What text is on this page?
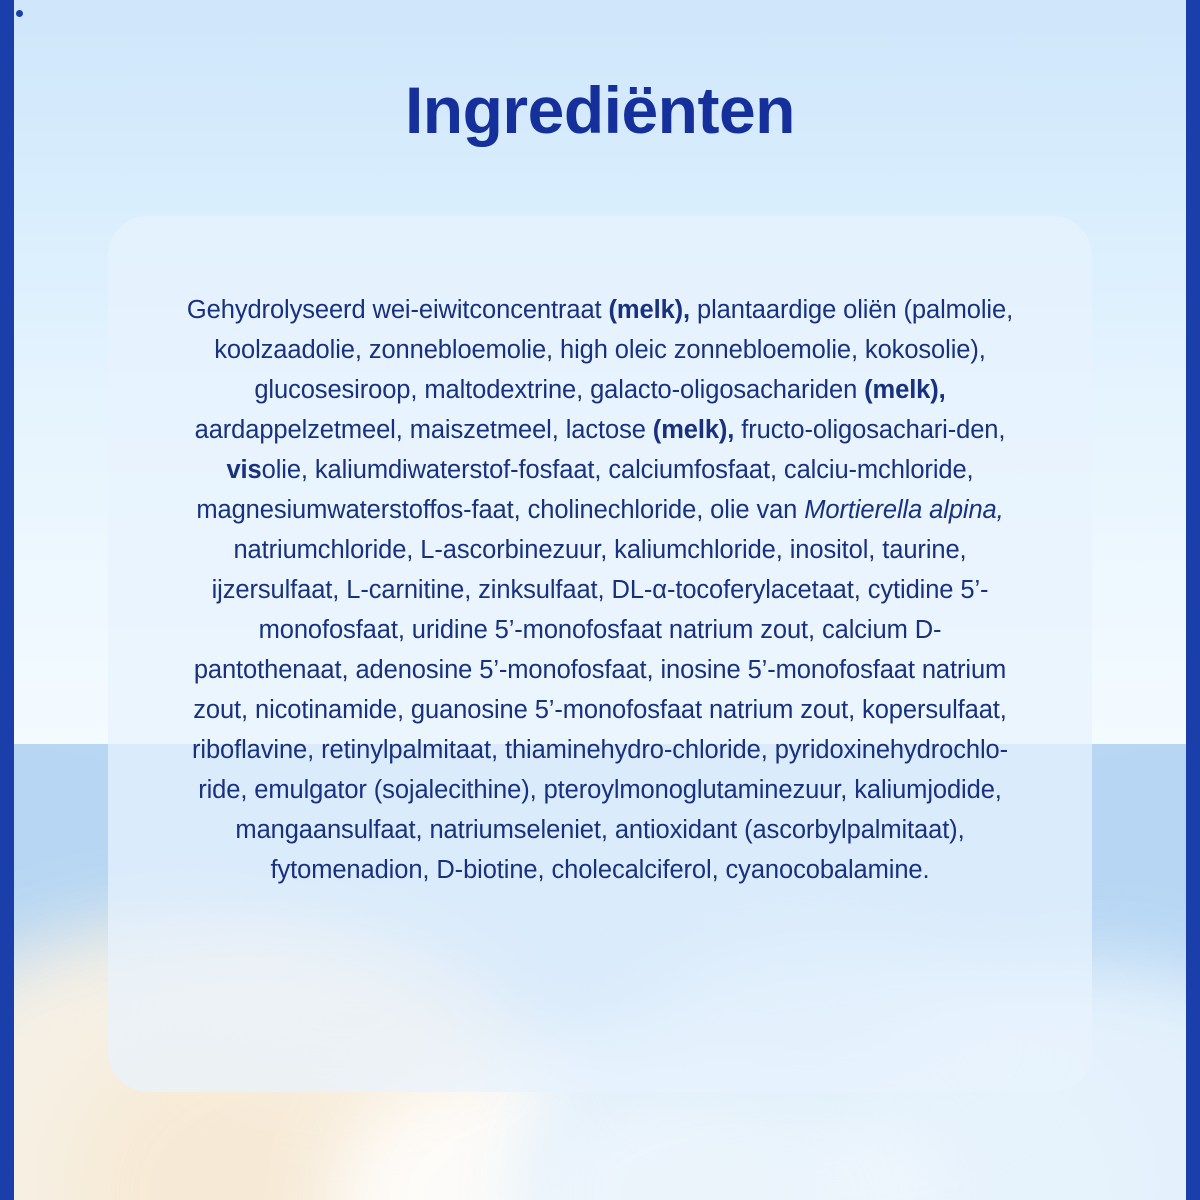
Ingrediënten
Gehydrolyseerd wei-eiwitconcentraat (melk), plantaardige oliën (palmolie, koolzaadolie, zonnebloemolie, high oleic zonnebloemolie, kokosolie), glucosesiroop, maltodextrine, galacto-oligosachariden (melk), aardappelzetmeel, maiszetmeel, lactose (melk), fructo-oligosachari-den, visolie, kaliumdiwaterstof-fosfaat, calciumfosfaat, calciu-mchloride, magnesiumwaterstoffos-faat, cholinechloride, olie van Mortierella alpina, natriumchloride, L-ascorbinezuur, kaliumchloride, inositol, taurine, ijzersulfaat, L-carnitine, zinksulfaat, DL-α-tocoferylacetaat, cytidine 5’-monofosfaat, uridine 5’-monofosfaat natrium zout, calcium D-pantothenaat, adenosine 5’-monofosfaat, inosine 5’-monofosfaat natrium zout, nicotinamide, guanosine 5’-monofosfaat natrium zout, kopersulfaat, riboflavine, retinylpalmitaat, thiaminehydro-chloride, pyridoxinehydrochlo-ride, emulgator (sojalecithine), pteroylmonoglutaminezuur, kaliumjodide, mangaansulfaat, natriumseleniet, antioxidant (ascorbylpalmitaat), fytomenadion, D-biotine, cholecalciferol, cyanocobalamine.
